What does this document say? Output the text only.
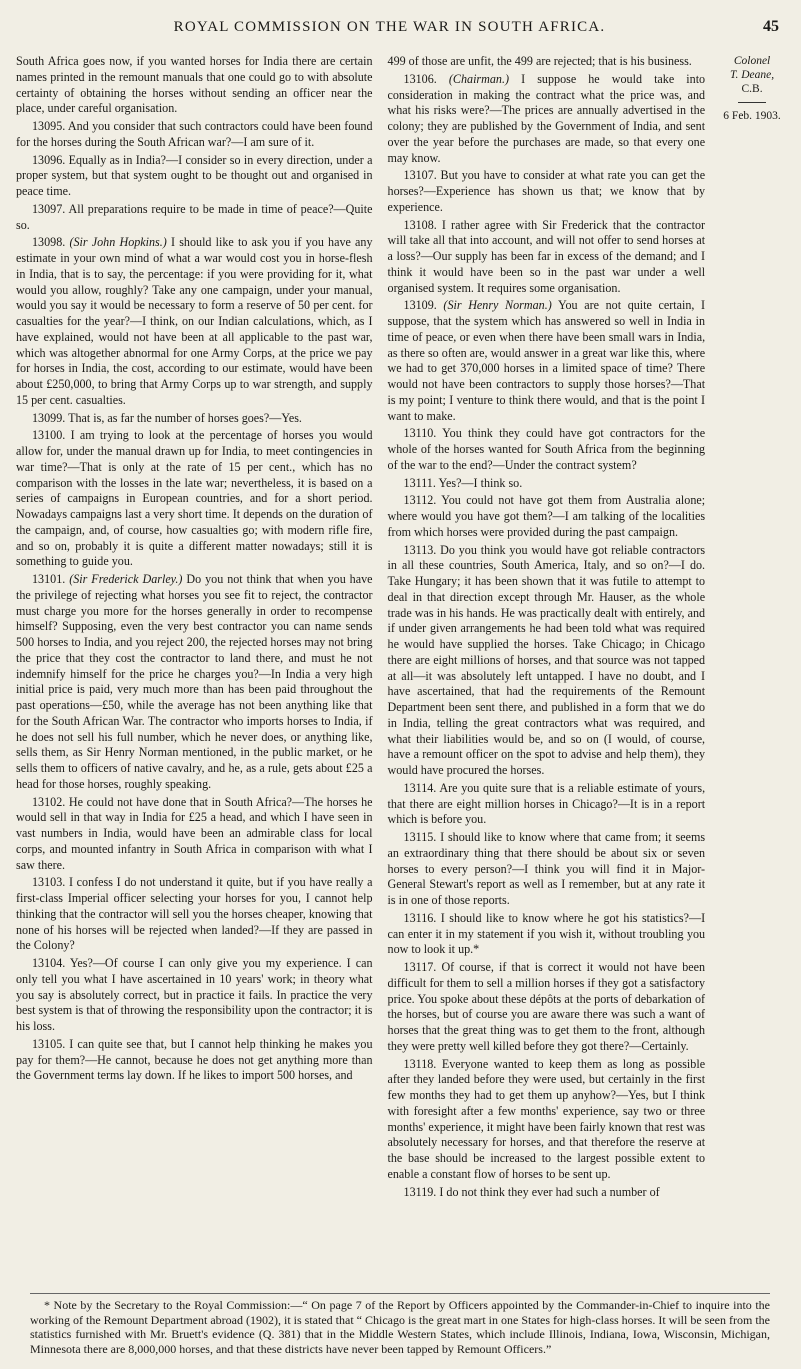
ROYAL COMMISSION ON THE WAR IN SOUTH AFRICA.	45

South Africa goes now, if you wanted horses for India there are certain names printed in the remount manuals that one could go to with absolute certainty of obtaining the horses without sending an officer near the place, under careful organisation.

13095. And you consider that such contractors could have been found for the horses during the South African war?—I am sure of it.

13096. Equally as in India?—I consider so in every direction, under a proper system, but that system ought to be thought out and organised in peace time.

13097. All preparations require to be made in time of peace?—Quite so.

13098. (Sir John Hopkins.) I should like to ask you if you have any estimate in your own mind of what a war would cost you in horse-flesh in India, that is to say, the percentage: if you were providing for it, what would you allow, roughly? Take any one campaign, under your manual, would you say it would be necessary to form a reserve of 50 per cent. for casualties for the year?—I think, on our Indian calculations, which, as I have explained, would not have been at all applicable to the past war, which was altogether abnormal for one Army Corps, at the price we pay for horses in India, the cost, according to our estimate, would have been about £250,000, to bring that Army Corps up to war strength, and supply 15 per cent. casualties.

13099. That is, as far the number of horses goes?—Yes.

13100. I am trying to look at the percentage of horses you would allow for, under the manual drawn up for India, to meet contingencies in war time?—That is only at the rate of 15 per cent., which has no comparison with the losses in the late war; nevertheless, it is based on a series of campaigns in European countries, and for a short period. Nowadays campaigns last a very short time. It depends on the duration of the campaign, and, of course, how casualties go; with modern rifle fire, and so on, probably it is quite a different matter nowadays; still it is something to guide you.

13101. (Sir Frederick Darley.) Do you not think that when you have the privilege of rejecting what horses you see fit to reject, the contractor must charge you more for the horses generally in order to recompense himself? Supposing, even the very best contractor you can name sends 500 horses to India, and you reject 200, the rejected horses may not bring the price that they cost the contractor to land there, and must he not indemnify himself for the price he charges you?—In India a very high initial price is paid, very much more than has been paid throughout the past operations—£50, while the average has not been anything like that for the South African War. The contractor who imports horses to India, if he does not sell his full number, which he never does, or anything like, sells them, as Sir Henry Norman mentioned, in the public market, or he sells them to officers of native cavalry, and he, as a rule, gets about £25 a head for those horses, roughly speaking.

13102. He could not have done that in South Africa?—The horses he would sell in that way in India for £25 a head, and which I have seen in vast numbers in India, would have been an admirable class for local corps, and mounted infantry in South Africa in comparison with what I saw there.

13103. I confess I do not understand it quite, but if you have really a first-class Imperial officer selecting your horses for you, I cannot help thinking that the contractor will sell you the horses cheaper, knowing that none of his horses will be rejected when landed?—If they are passed in the Colony?

13104. Yes?—Of course I can only give you my experience. I can only tell you what I have ascertained in 10 years' work; in theory what you say is absolutely correct, but in practice it fails. In practice the very best system is that of throwing the responsibility upon the contractor; it is his loss.

13105. I can quite see that, but I cannot help thinking he makes you pay for them?—He cannot, because he does not get anything more than the Government terms lay down. If he likes to import 500 horses, and

499 of those are unfit, the 499 are rejected; that is his business.

13106. (Chairman.) I suppose he would take into consideration in making the contract what the price was, and what his risks were?—The prices are annually advertised in the colony; they are published by the Government of India, and sent over the year before the purchases are made, so that every one may know.

13107. But you have to consider at what rate you can get the horses?—Experience has shown us that; we know that by experience.

13108. I rather agree with Sir Frederick that the contractor will take all that into account, and will not offer to send horses at a loss?—Our supply has been far in excess of the demand; and I think it would have been so in the past war under a well organised system. It requires some organisation.

13109. (Sir Henry Norman.) You are not quite certain, I suppose, that the system which has answered so well in India in time of peace, or even when there have been small wars in India, as there so often are, would answer in a great war like this, where we had to get 370,000 horses in a limited space of time? There would not have been contractors to supply those horses?—That is my point; I venture to think there would, and that is the point I want to make.

13110. You think they could have got contractors for the whole of the horses wanted for South Africa from the beginning of the war to the end?—Under the contract system?

13111. Yes?—I think so.

13112. You could not have got them from Australia alone; where would you have got them?—I am talking of the localities from which horses were provided during the past campaign.

13113. Do you think you would have got reliable contractors in all these countries, South America, Italy, and so on?—I do. Take Hungary; it has been shown that it was futile to attempt to deal in that direction except through Mr. Hauser, as the whole trade was in his hands. He was practically dealt with entirely, and if under given arrangements he had been told what was required he would have supplied the horses. Take Chicago; in Chicago there are eight millions of horses, and that source was not tapped at all—it was absolutely left untapped. I have no doubt, and I have ascertained, that had the requirements of the Remount Department been sent there, and published in a form that we do in India, telling the great contractors what was required, and what their liabilities would be, and so on (I would, of course, have a remount officer on the spot to advise and help them), they would have procured the horses.

13114. Are you quite sure that is a reliable estimate of yours, that there are eight million horses in Chicago?—It is in a report which is before you.

13115. I should like to know where that came from; it seems an extraordinary thing that there should be about six or seven horses to every person?—I think you will find it in Major-General Stewart's report as well as I remember, but at any rate it is in one of those reports.

13116. I should like to know where he got his statistics?—I can enter it in my statement if you wish it, without troubling you now to look it up.*

13117. Of course, if that is correct it would not have been difficult for them to sell a million horses if they got a satisfactory price. You spoke about these dépôts at the ports of debarkation of the horses, but of course you are aware there was such a want of horses that the great thing was to get them to the front, although they were pretty well killed before they got there?—Certainly.

13118. Everyone wanted to keep them as long as possible after they landed before they were used, but certainly in the first few months they had to get them up anyhow?—Yes, but I think with foresight after a few months' experience, say two or three months' experience, it might have been fairly known that rest was absolutely necessary for horses, and that therefore the reserve at the base should be increased to the largest possible extent to enable a constant flow of horses to be sent up.

13119. I do not think they ever had such a number of

Colonel
T. Deane,
C.B.
6 Feb. 1903.
* Note by the Secretary to the Royal Commission:—“ On page 7 of the Report by Officers appointed by the Commander-in-Chief to inquire into the working of the Remount Department abroad (1902), it is stated that “ Chicago is the great mart in one States for high-class horses. It will be seen from the statistics furnished with Mr. Bruett's evidence (Q. 381) that in the Middle Western States, which include Illinois, Indiana, Iowa, Wisconsin, Michigan, Minnesota there are 8,000,000 horses, and that these districts have never been tapped by Remount Officers.”
